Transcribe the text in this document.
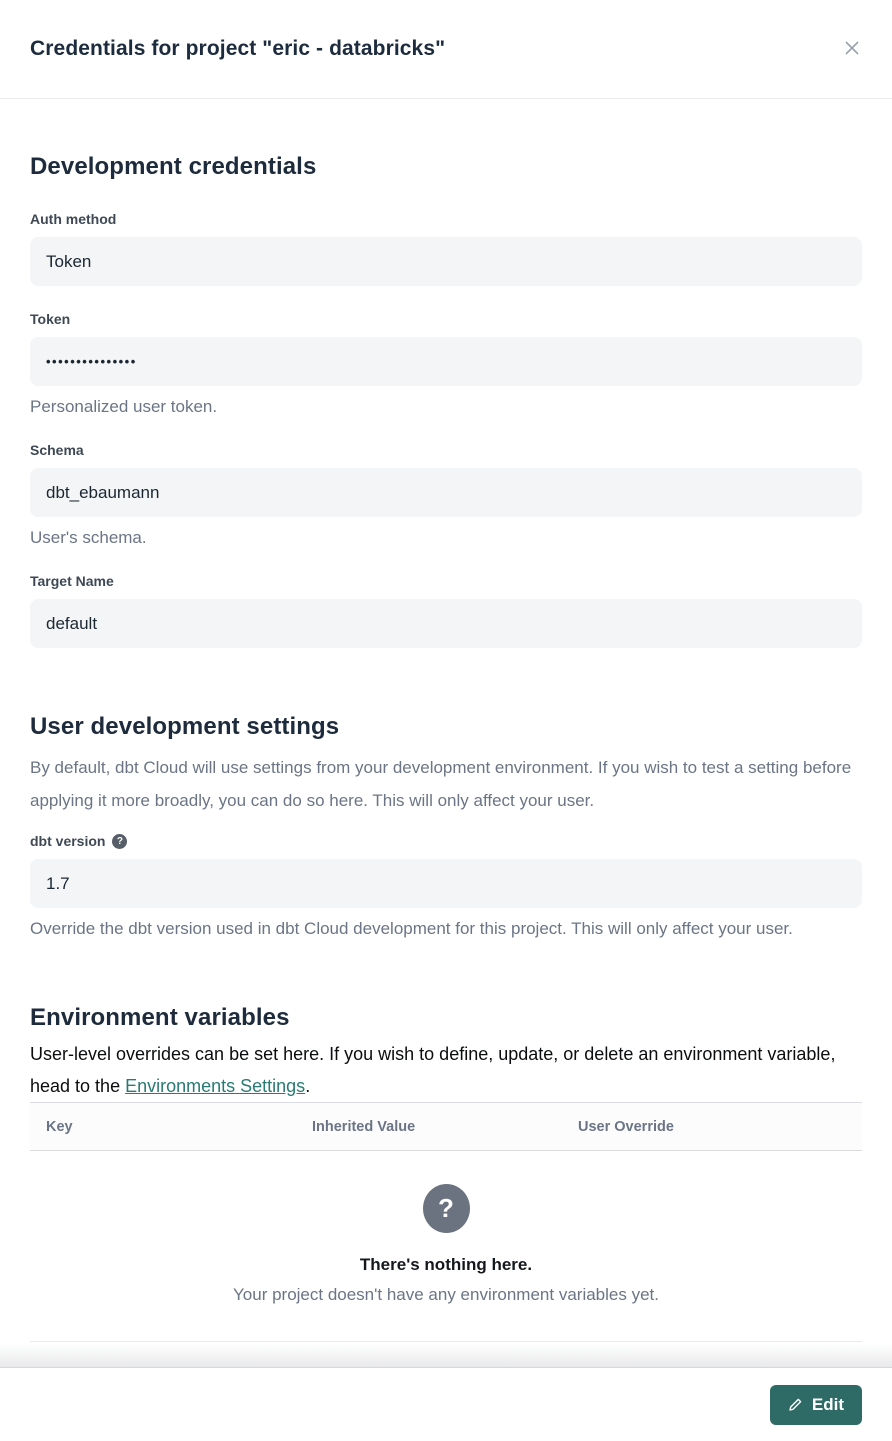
Credentials for project "eric - databricks"
Development credentials
Auth method
Token
Token
•••••••••••••••
Personalized user token.
Schema
dbt_ebaumann
User's schema.
Target Name
default
User development settings
By default, dbt Cloud will use settings from your development environment. If you wish to test a setting before applying it more broadly, you can do so here. This will only affect your user.
dbt version	?
1.7
Override the dbt version used in dbt Cloud development for this project. This will only affect your user.
Environment variables
User-level overrides can be set here. If you wish to define, update, or delete an environment variable, head to the Environments Settings.
Key	Inherited Value	User Override
?
There's nothing here.
Your project doesn't have any environment variables yet.
Edit
